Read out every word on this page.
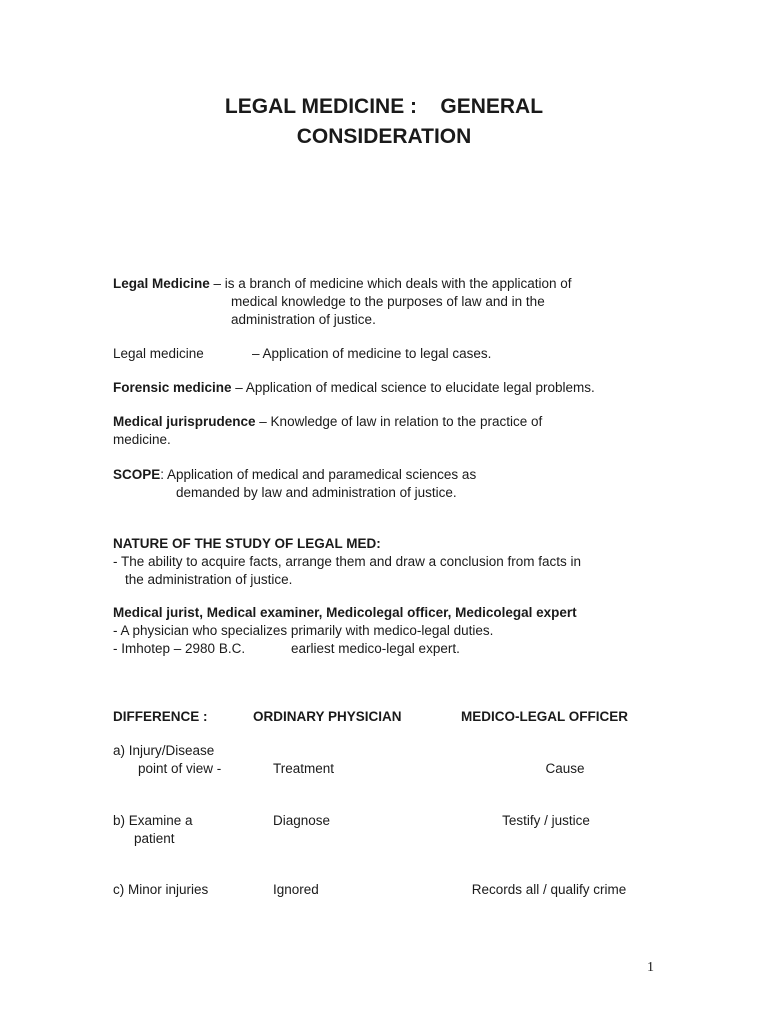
LEGAL MEDICINE :    GENERAL
CONSIDERATION
Legal Medicine – is a branch of medicine which deals with the application of
medical knowledge to the purposes of law and in the
administration of justice.
Legal medicine	– Application of medicine to legal cases.
Forensic medicine – Application of medical science to elucidate legal problems.
Medical jurisprudence – Knowledge of law in relation to the practice of
medicine.
SCOPE: Application of medical and paramedical sciences as
demanded by law and administration of justice.
NATURE OF THE STUDY OF LEGAL MED:
- The ability to acquire facts, arrange them and draw a conclusion from facts in
the administration of justice.
Medical jurist, Medical examiner, Medicolegal officer, Medicolegal expert
- A physician who specializes primarily with medico-legal duties.
- Imhotep – 2980 B.C.	earliest medico-legal expert.
DIFFERENCE :	ORDINARY PHYSICIAN	MEDICO-LEGAL OFFICER
a) Injury/Disease
point of view -	Treatment	Cause
b) Examine a
patient
Diagnose	Testify / justice
c) Minor injuries	Ignored	Records all / qualify crime
1
